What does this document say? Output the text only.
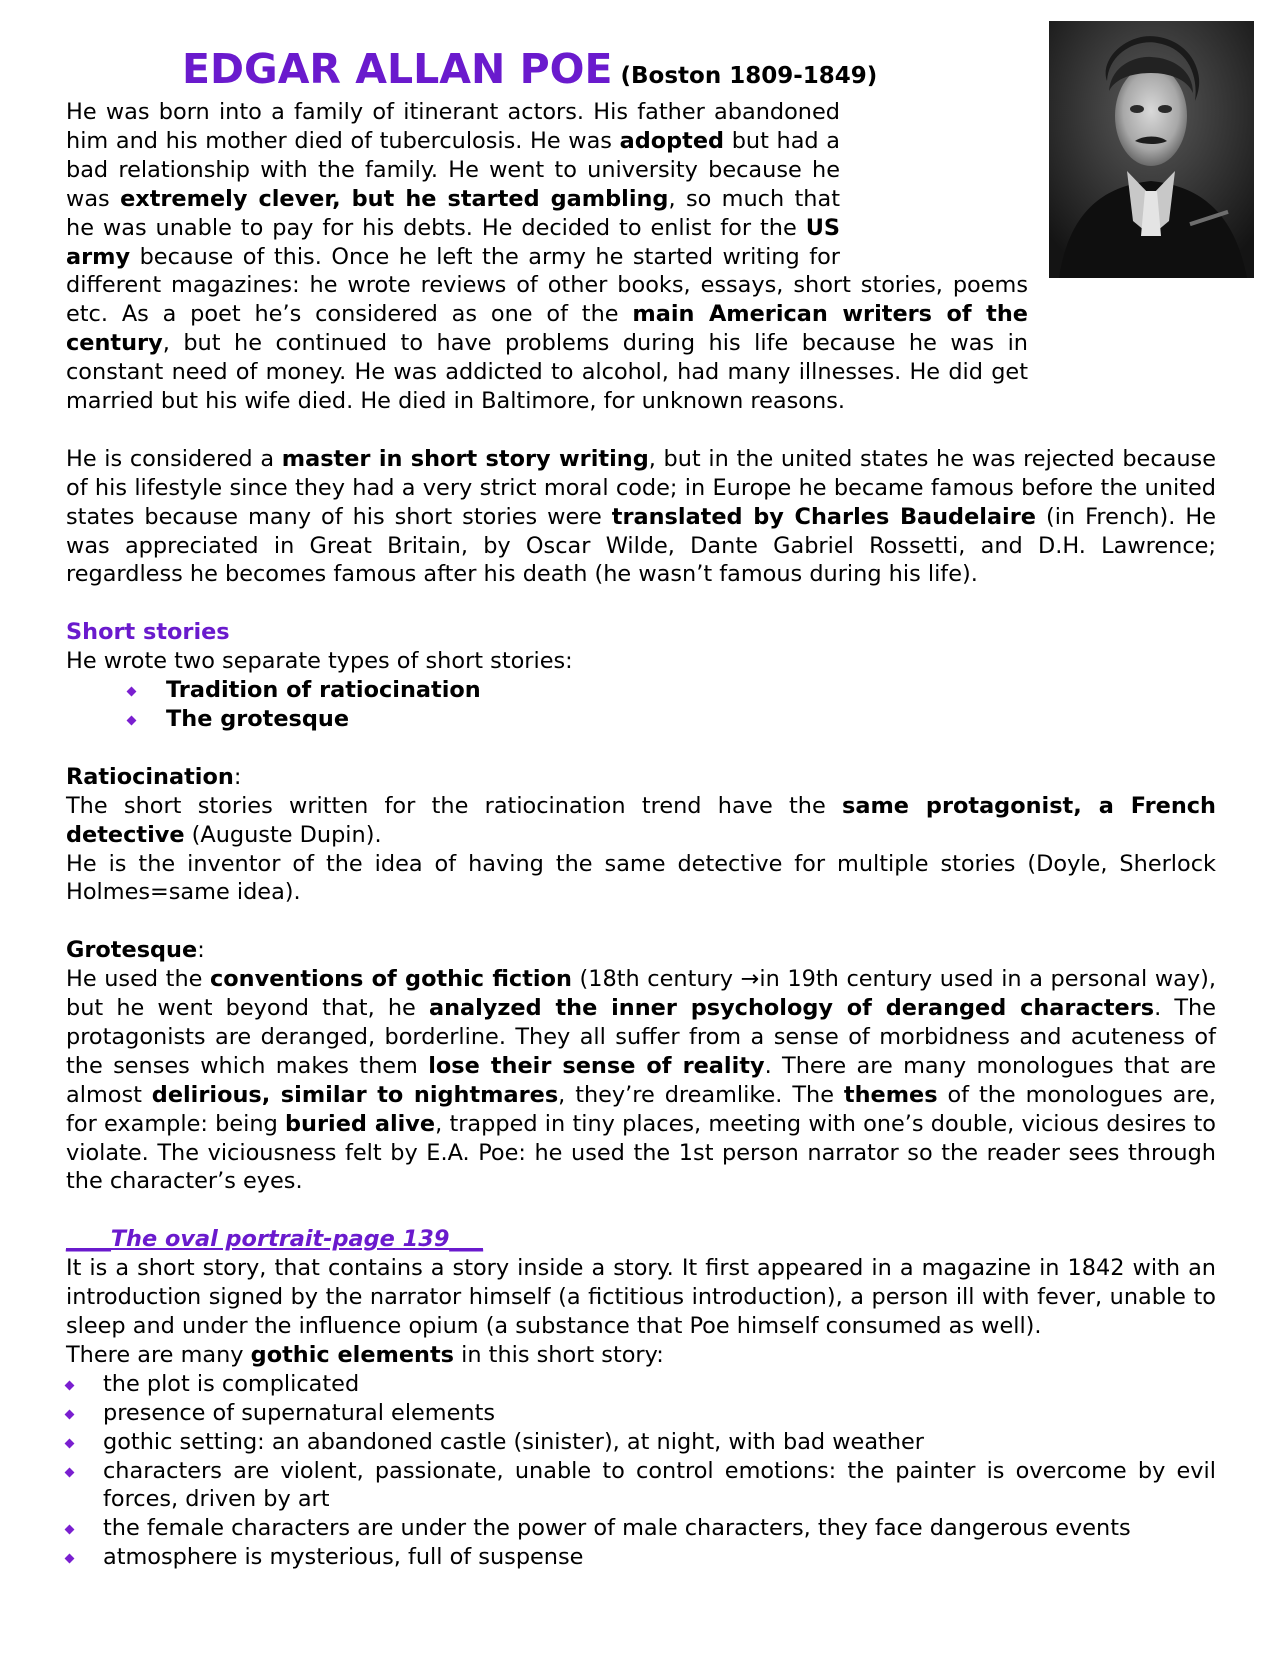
EDGAR ALLAN POE (Boston 1809-1849)

He was born into a family of itinerant actors. His father abandoned him and his mother died of tuberculosis. He was adopted but had a bad relationship with the family. He went to university because he was extremely clever, but he started gambling, so much that he was unable to pay for his debts. He decided to enlist for the US army because of this. Once he left the army he started writing for different magazines: he wrote reviews of other books, essays, short stories, poems etc. As a poet he’s considered as one of the main American writers of the century, but he continued to have problems during his life because he was in constant need of money. He was addicted to alcohol, had many illnesses. He did get married but his wife died. He died in Baltimore, for unknown reasons.

He is considered a master in short story writing, but in the united states he was rejected because of his lifestyle since they had a very strict moral code; in Europe he became famous before the united states because many of his short stories were translated by Charles Baudelaire (in French). He was appreciated in Great Britain, by Oscar Wilde, Dante Gabriel Rossetti, and D.H. Lawrence; regardless he becomes famous after his death (he wasn’t famous during his life).

Short stories

He wrote two separate types of short stories:

Tradition of ratiocination
The grotesque

Ratiocination:

The short stories written for the ratiocination trend have the same protagonist, a French detective (Auguste Dupin).

He is the inventor of the idea of having the same detective for multiple stories (Doyle, Sherlock Holmes=same idea).

Grotesque:

He used the conventions of gothic fiction (18th century →in 19th century used in a personal way), but he went beyond that, he analyzed the inner psychology of deranged characters. The protagonists are deranged, borderline. They all suffer from a sense of morbidness and acuteness of the senses which makes them lose their sense of reality. There are many monologues that are almost delirious, similar to nightmares, they’re dreamlike. The themes of the monologues are, for example: being buried alive, trapped in tiny places, meeting with one’s double, vicious desires to violate. The viciousness felt by E.A. Poe: he used the 1st person narrator so the reader sees through the character’s eyes.

____The oval portrait-page 139___

It is a short story, that contains a story inside a story. It first appeared in a magazine in 1842 with an introduction signed by the narrator himself (a fictitious introduction), a person ill with fever, unable to sleep and under the influence opium (a substance that Poe himself consumed as well).

There are many gothic elements in this short story:

the plot is complicated
presence of supernatural elements
gothic setting: an abandoned castle (sinister), at night, with bad weather
characters are violent, passionate, unable to control emotions: the painter is overcome by evil forces, driven by art
the female characters are under the power of male characters, they face dangerous events
atmosphere is mysterious, full of suspense
